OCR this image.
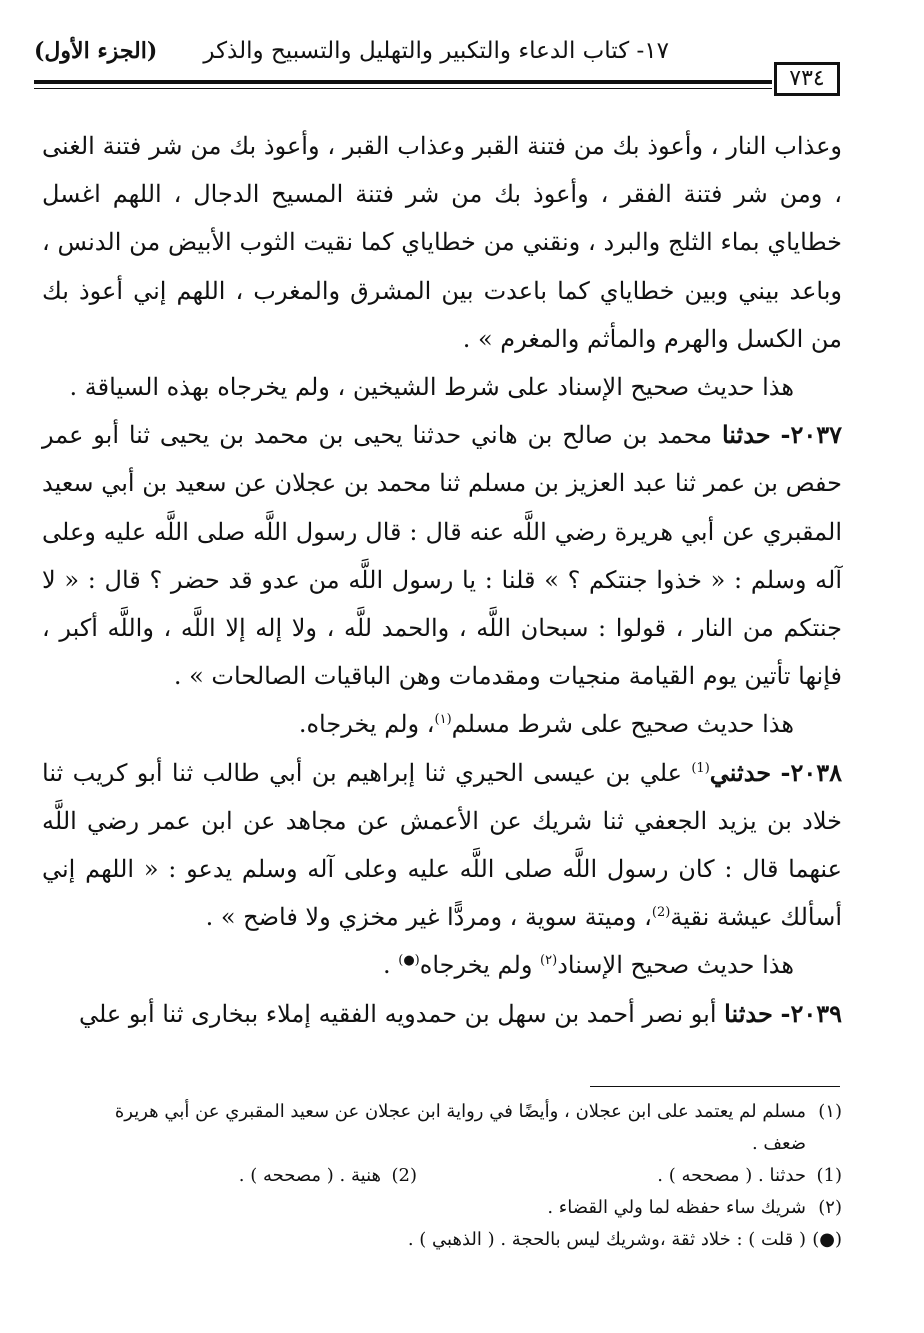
١٧- كتاب الدعاء والتكبير والتهليل والتسبيح والذكر
(الجزء الأول)
٧٣٤

وعذاب النار ، وأعوذ بك من فتنة القبر وعذاب القبر ، وأعوذ بك من شر فتنة الغنى ، ومن شر فتنة الفقر ، وأعوذ بك من شر فتنة المسيح الدجال ، اللهم اغسل خطاياي بماء الثلج والبرد ، ونقني من خطاياي كما نقيت الثوب الأبيض من الدنس ، وباعد بيني وبين خطاياي كما باعدت بين المشرق والمغرب ، اللهم إني أعوذ بك من الكسل والهرم والمأثم والمغرم » .

هذا حديث صحيح الإسناد على شرط الشيخين ، ولم يخرجاه بهذه السياقة .

٢٠٣٧- حدثنا محمد بن صالح بن هاني حدثنا يحيى بن محمد بن يحيى ثنا أبو عمر حفص بن عمر ثنا عبد العزيز بن مسلم ثنا محمد بن عجلان عن سعيد بن أبي سعيد المقبري عن أبي هريرة رضي اللَّه عنه قال : قال رسول اللَّه صلى اللَّه عليه وعلى آله وسلم : « خذوا جنتكم ؟ » قلنا : يا رسول اللَّه من عدو قد حضر ؟ قال : « لا جنتكم من النار ، قولوا : سبحان اللَّه ، والحمد للَّه ، ولا إله إلا اللَّه ، واللَّه أكبر ، فإنها تأتين يوم القيامة منجيات ومقدمات وهن الباقيات الصالحات » .

هذا حديث صحيح على شرط مسلم$^{(١)}$، ولم يخرجاه.

٢٠٣٨- حدثني$^{(1)}$ علي بن عيسى الحيري ثنا إبراهيم بن أبي طالب ثنا أبو كريب ثنا خلاد بن يزيد الجعفي ثنا شريك عن الأعمش عن مجاهد عن ابن عمر رضي اللَّه عنهما قال : كان رسول اللَّه صلى اللَّه عليه وعلى آله وسلم يدعو : « اللهم إني أسألك عيشة نقية$^{(2)}$، وميتة سوية ، ومردًّا غير مخزي ولا فاضح » .

هذا حديث صحيح الإسناد$^{(٢)}$ ولم يخرجاه(●) .

٢٠٣٩- حدثنا أبو نصر أحمد بن سهل بن حمدويه الفقيه إملاء ببخارى ثنا أبو علي

(١)مسلم لم يعتمد على ابن عجلان ، وأيضًا في رواية ابن عجلان عن سعيد المقبري عن أبي هريرة

ضعف .

(1)حدثنا . ( مصححه ) .
(2)هنية . ( مصححه ) .

(٢)شريك ساء حفظه لما ولي القضاء .

(●)( قلت ) : خلاد ثقة ،وشريك ليس بالحجة . ( الذهبي ) .
